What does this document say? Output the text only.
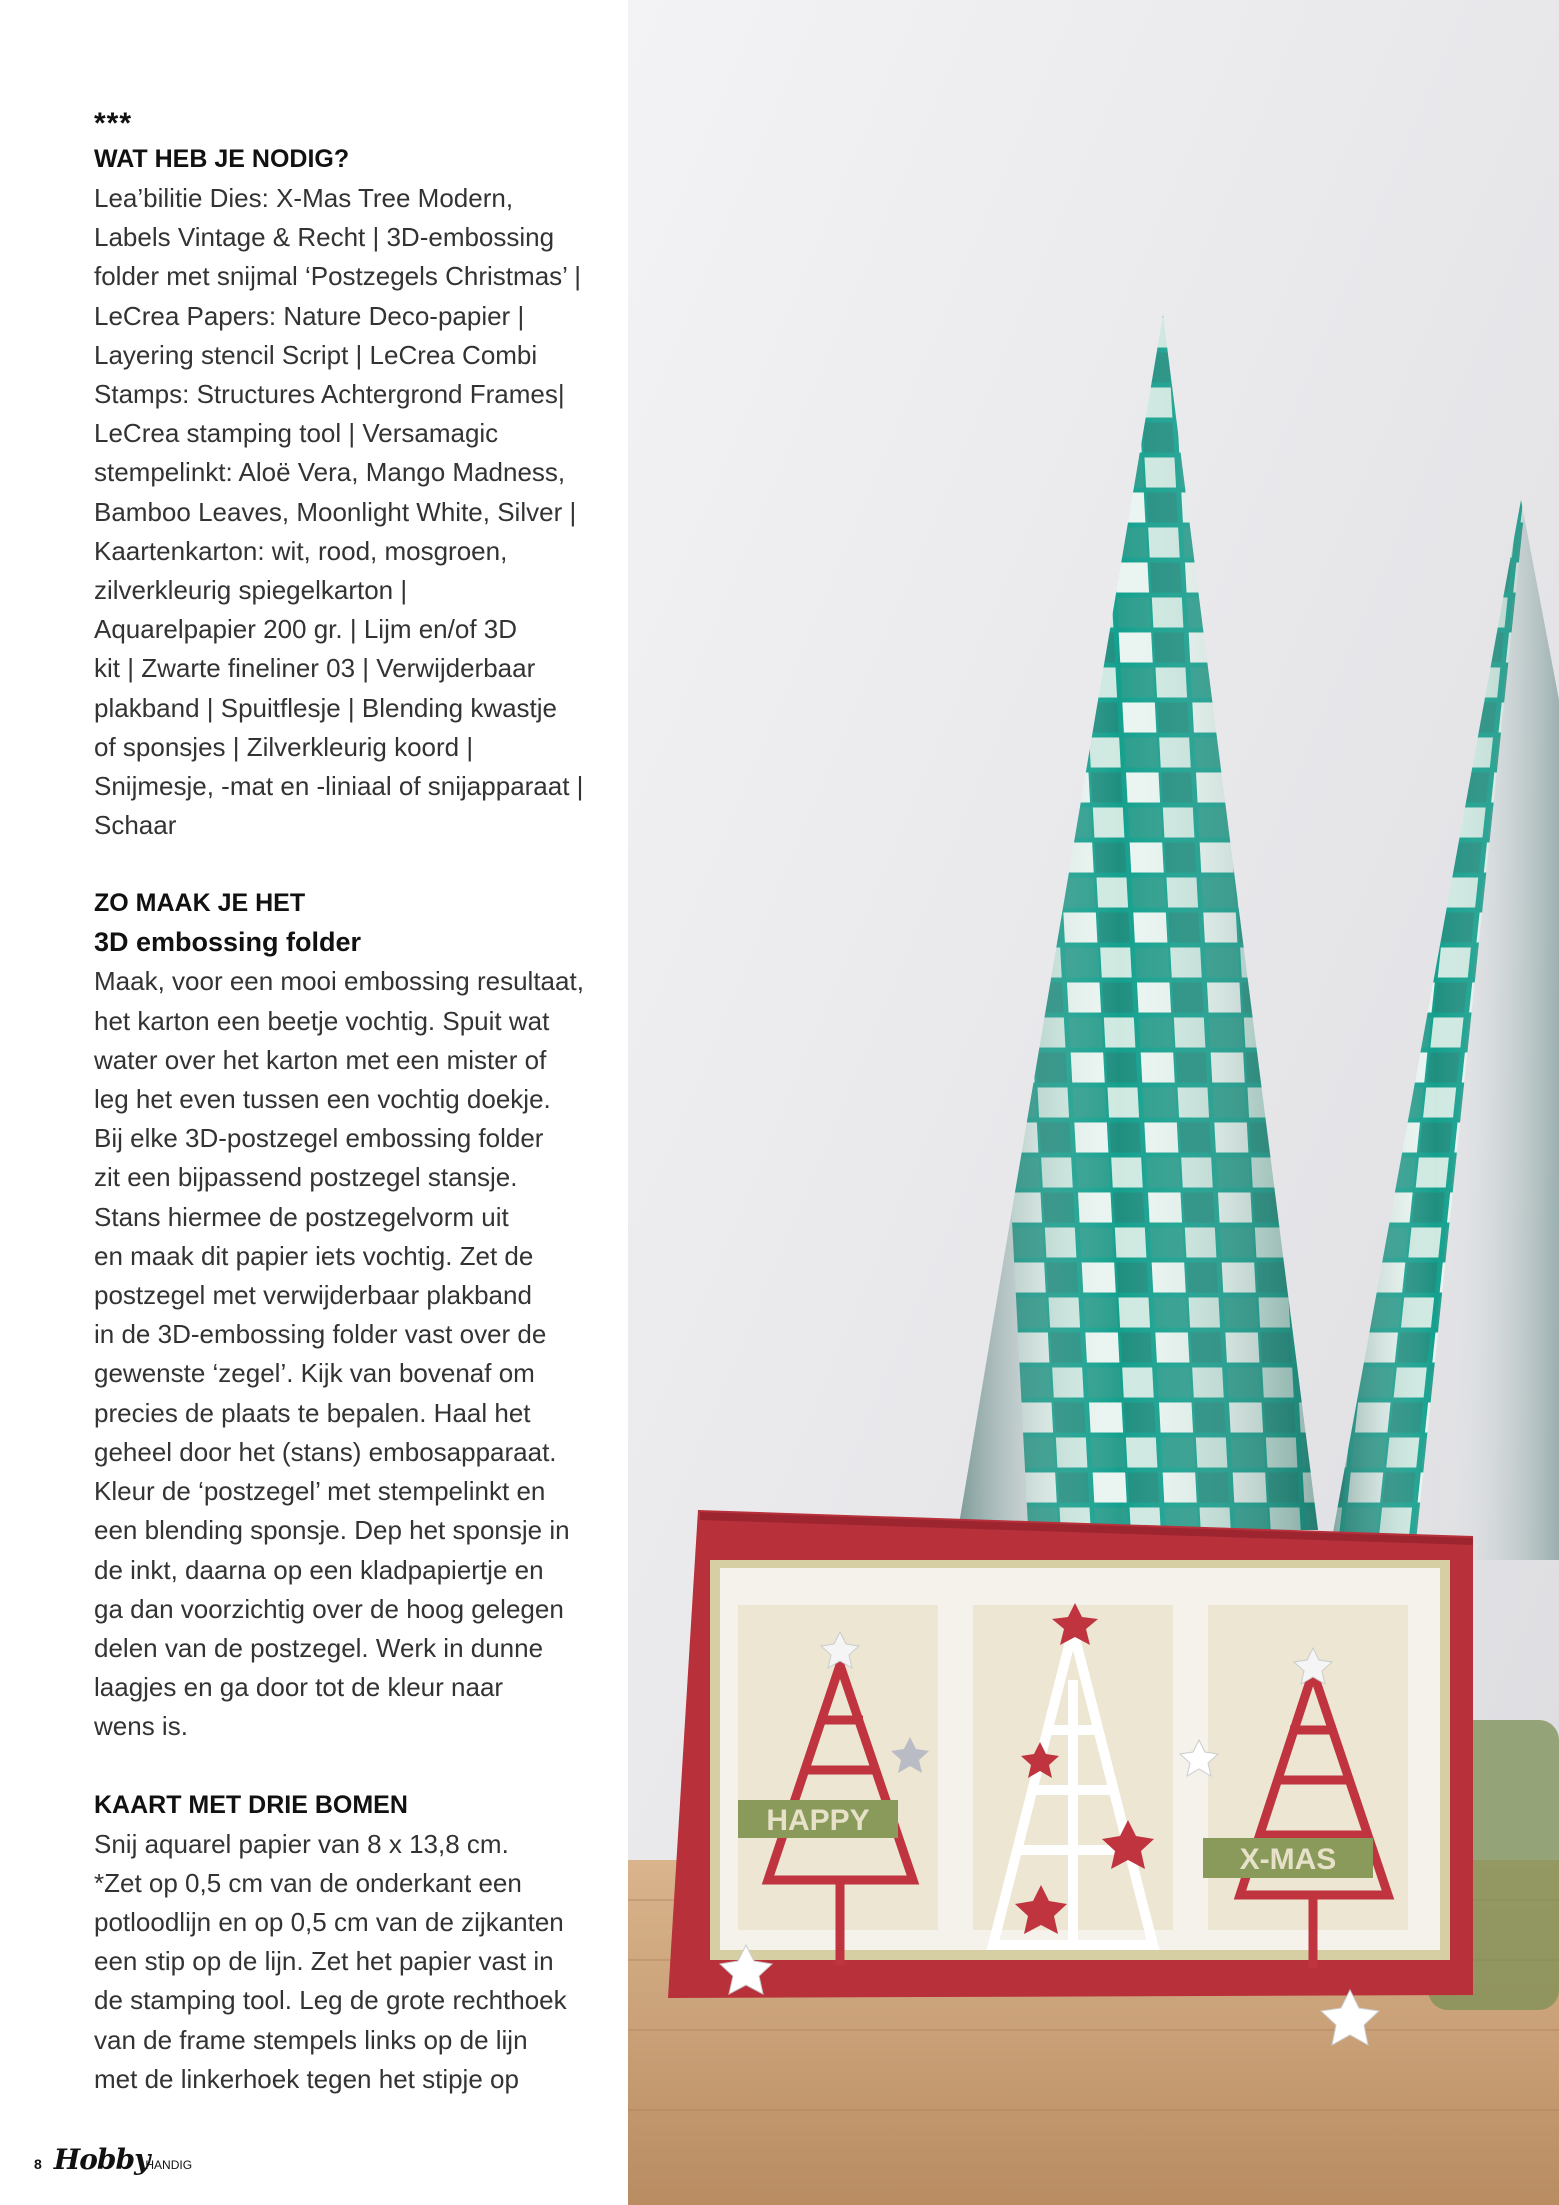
***
WAT HEB JE NODIG?

Lea’bilitie Dies: X-Mas Tree Modern,

Labels Vintage & Recht | 3D-embossing

folder met snijmal ‘Postzegels Christmas’ |

LeCrea Papers: Nature Deco-papier |

Layering stencil Script | LeCrea Combi

Stamps: Structures Achtergrond Frames|

LeCrea stamping tool | Versamagic

stempelinkt: Aloë Vera, Mango Madness,

Bamboo Leaves, Moonlight White, Silver |

Kaartenkarton: wit, rood, mosgroen,

zilverkleurig spiegelkarton |

Aquarelpapier 200 gr. | Lijm en/of 3D

kit | Zwarte fineliner 03 | Verwijderbaar

plakband | Spuitflesje | Blending kwastje

of sponsjes | Zilverkleurig koord |

Snijmesje, -mat en -liniaal of snijapparaat |

Schaar

ZO MAAK JE HET
3D embossing folder

Maak, voor een mooi embossing resultaat,

het karton een beetje vochtig. Spuit wat

water over het karton met een mister of

leg het even tussen een vochtig doekje.

Bij elke 3D-postzegel embossing folder

zit een bijpassend postzegel stansje.

Stans hiermee de postzegelvorm uit

en maak dit papier iets vochtig. Zet de

postzegel met verwijderbaar plakband

in de 3D-embossing folder vast over de

gewenste ‘zegel’. Kijk van bovenaf om

precies de plaats te bepalen. Haal het

geheel door het (stans) embosapparaat.

Kleur de ‘postzegel’ met stempelinkt en

een blending sponsje. Dep het sponsje in

de inkt, daarna op een kladpapiertje en

ga dan voorzichtig over de hoog gelegen

delen van de postzegel. Werk in dunne

laagjes en ga door tot de kleur naar

wens is.

KAART MET DRIE BOMEN

Snij aquarel papier van 8 x 13,8 cm.

*Zet op 0,5 cm van de onderkant een

potloodlijn en op 0,5 cm van de zijkanten

een stip op de lijn. Zet het papier vast in

de stamping tool. Leg de grote rechthoek

van de frame stempels links op de lijn

met de linkerhoek tegen het stipje op

8 HobbyHANDIG
HAPPY
X-MAS
